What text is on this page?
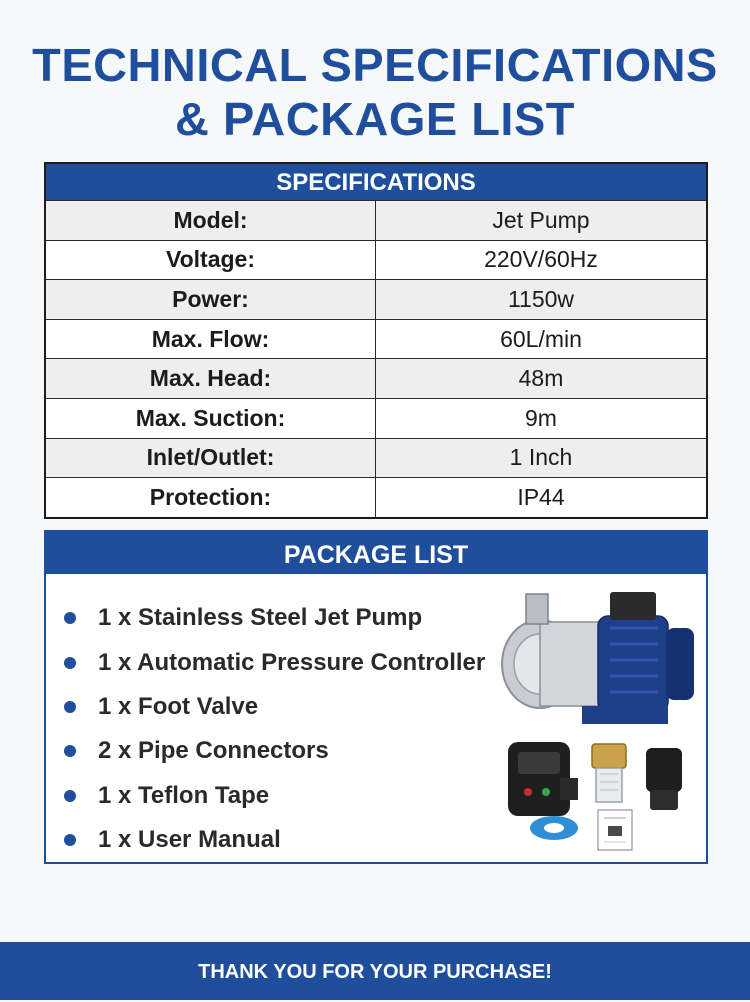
TECHNICAL SPECIFICATIONS
& PACKAGE LIST
SPECIFICATIONS
Model:	Jet Pump
Voltage:	220V/60Hz
Power:	1150w
Max. Flow:	60L/min
Max. Head:	48m
Max. Suction:	9m
Inlet/Outlet:	1 Inch
Protection:	IP44
PACKAGE LIST
1 x Stainless Steel Jet Pump
1 x Automatic Pressure Controller
1 x Foot Valve
2 x Pipe Connectors
1 x Teflon Tape
1 x User Manual
THANK YOU FOR YOUR PURCHASE!
